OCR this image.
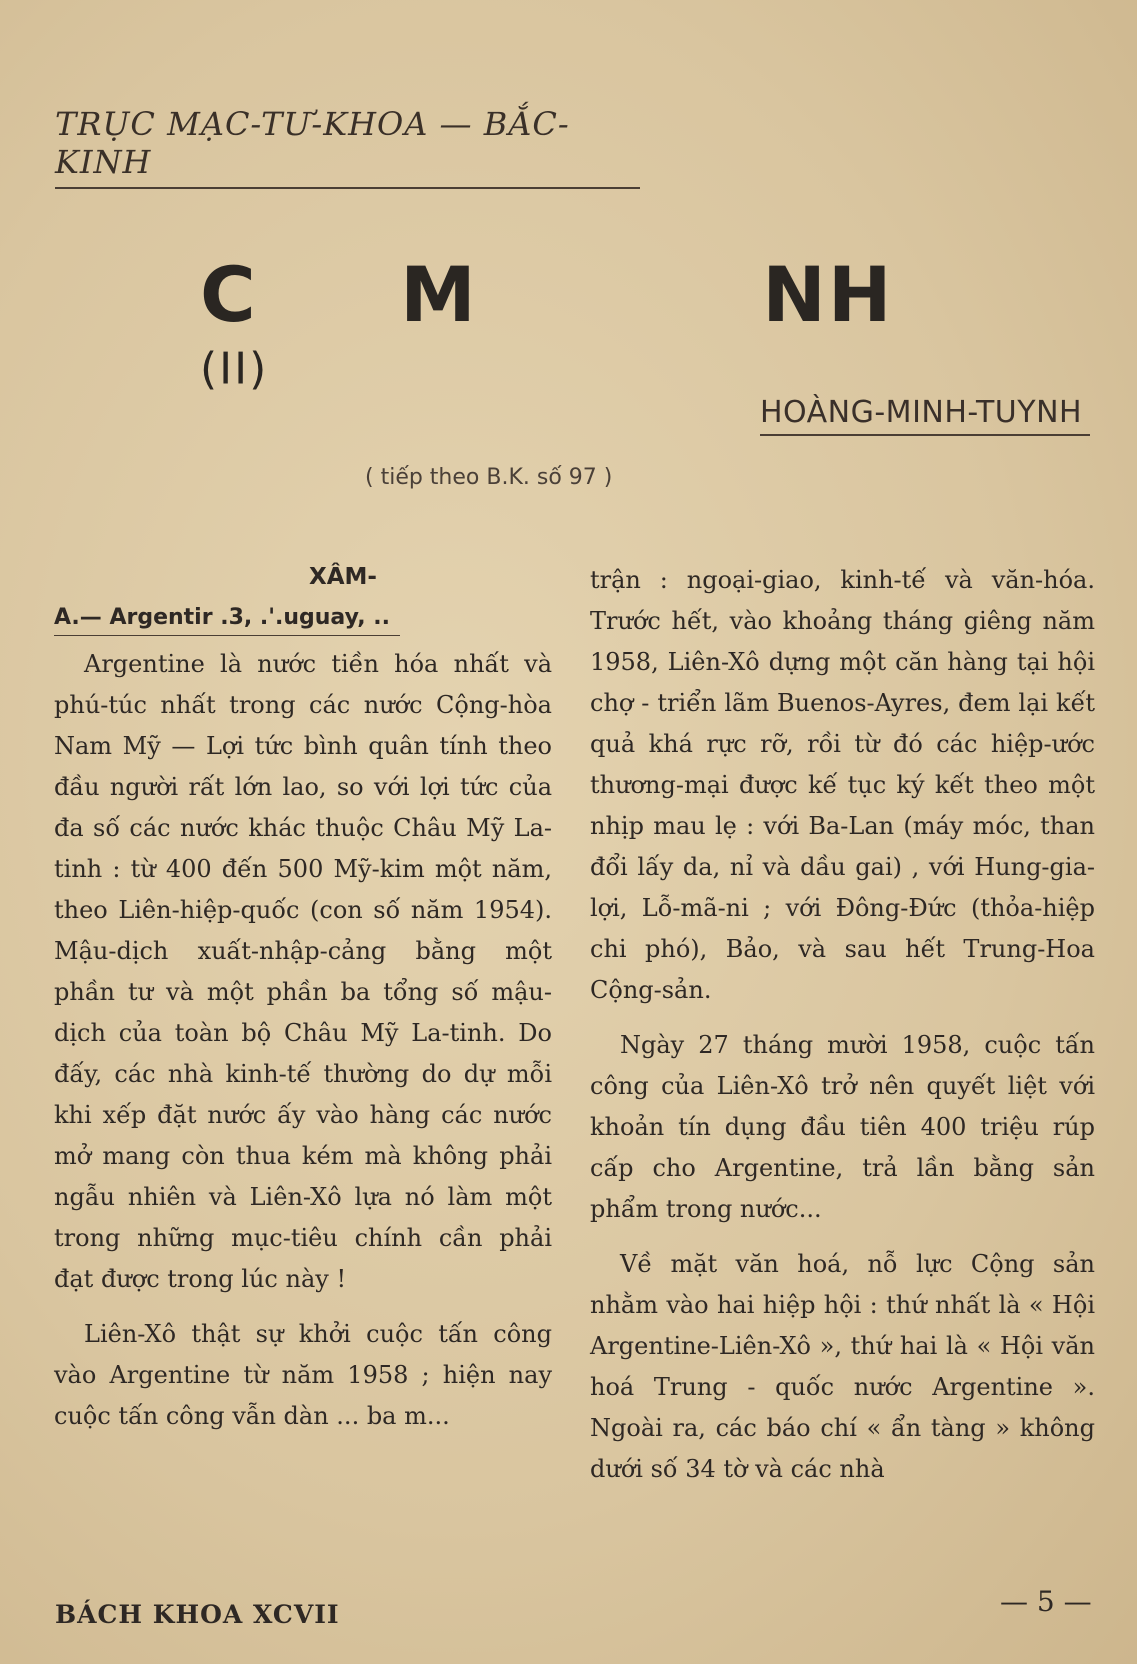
TRỤC MẠC-TƯ-KHOA — BẮC-KINH
C     M          NH $^{(II)}$
HOÀNG-MINH-TUYNH
( tiếp theo B.K. số 97 )
XÂM-
A.— Argentir .3, .'.uguay, ..

Argentine là nước tiền hóa nhất và phú-túc nhất trong các nước Cộng-hòa Nam Mỹ — Lợi tức bình quân tính theo đầu người rất lớn lao, so với lợi tức của đa số các nước khác thuộc Châu Mỹ La-tinh : từ 400 đến 500 Mỹ-kim một năm, theo Liên-hiệp-quốc (con số năm 1954). Mậu-dịch xuất-nhập-cảng bằng một phần tư và một phần ba tổng số mậu-dịch của toàn bộ Châu Mỹ La-tinh. Do đấy, các nhà kinh-tế thường do dự mỗi khi xếp đặt nước ấy vào hàng các nước mở mang còn thua kém mà không phải ngẫu nhiên và Liên-Xô lựa nó làm một trong những mục-tiêu chính cần phải đạt được trong lúc này !

Liên-Xô thật sự khởi cuộc tấn công vào Argentine từ năm 1958 ; hiện nay cuộc tấn công vẫn dàn ... ba m...

trận : ngoại-giao, kinh-tế và văn-hóa. Trước hết, vào khoảng tháng giêng năm 1958, Liên-Xô dựng một căn hàng tại hội chợ - triển lãm Buenos-Ayres, đem lại kết quả khá rực rỡ, rồi từ đó các hiệp-ước thương-mại được kế tục ký kết theo một nhịp mau lẹ : với Ba-Lan (máy móc, than đổi lấy da, nỉ và dầu gai) , với Hung-gia-lợi, Lỗ-mã-ni ; với Đông-Đức (thỏa-hiệp chi phó), Bảo, và sau hết Trung-Hoa Cộng-sản.

Ngày 27 tháng mười 1958, cuộc tấn công của Liên-Xô trở nên quyết liệt với khoản tín dụng đầu tiên 400 triệu rúp cấp cho Argentine, trả lần bằng sản phẩm trong nước...

Về mặt văn hoá, nỗ lực Cộng sản nhằm vào hai hiệp hội : thứ nhất là « Hội Argentine-Liên-Xô », thứ hai là « Hội văn hoá Trung - quốc nước Argentine ». Ngoài ra, các báo chí « ẩn tàng » không dưới số 34 tờ và các nhà

BÁCH KHOA XCVII	— 5 —
